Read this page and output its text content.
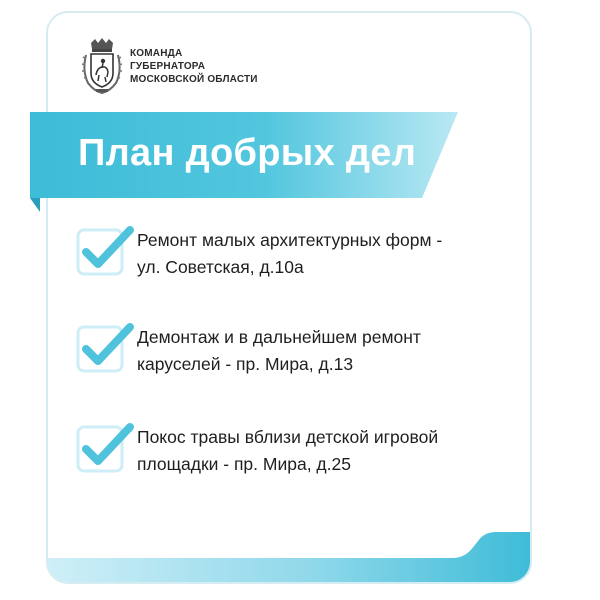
КОМАНДА
ГУБЕРНАТОРА
МОСКОВСКОЙ ОБЛАСТИ
План добрых дел
Ремонт малых архитектурных форм -
ул. Советская, д.10а
Демонтаж и в дальнейшем ремонт
каруселей - пр. Мира, д.13
Покос травы вблизи детской игровой
площадки - пр. Мира, д.25
